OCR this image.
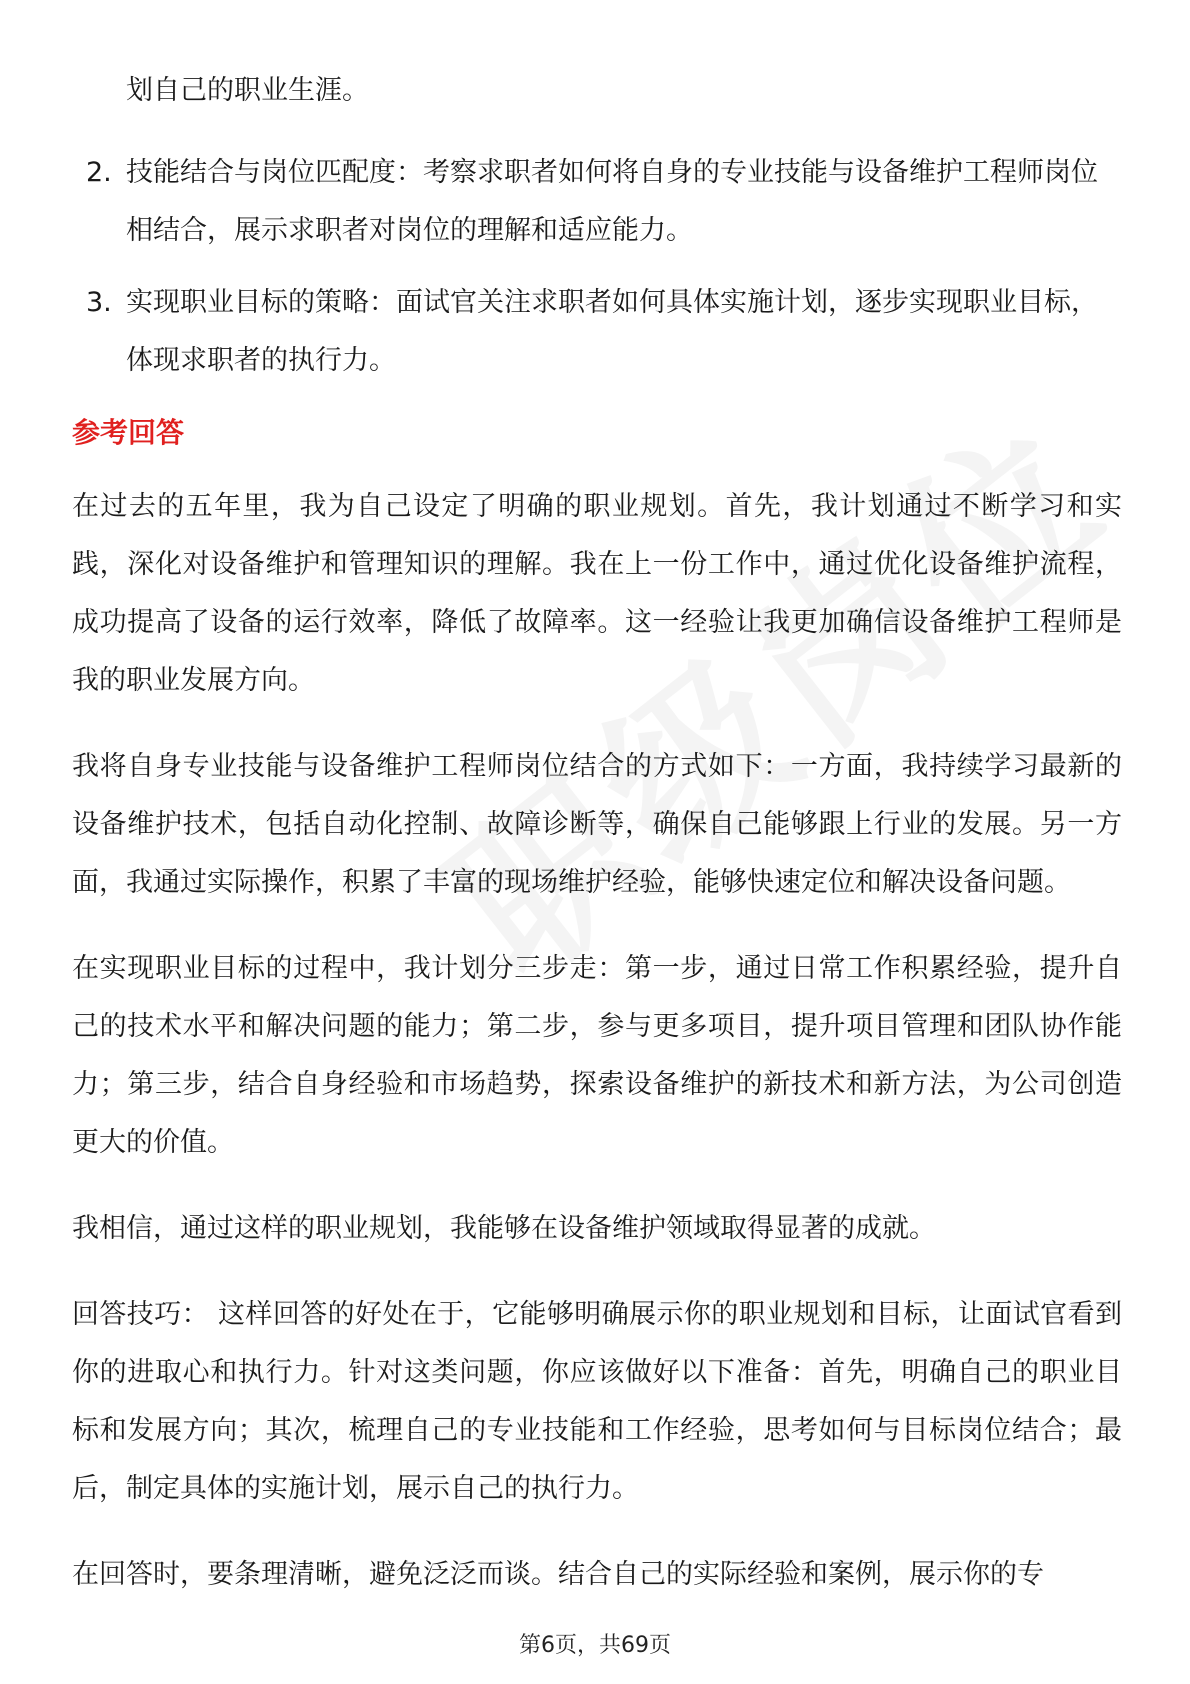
划自己的职业生涯。

2. 技能结合与岗位匹配度：考察求职者如何将自身的专业技能与设备维护工程师岗位相结合，展示求职者对岗位的理解和适应能力。
3. 实现职业目标的策略：面试官关注求职者如何具体实施计划，逐步实现职业目标，体现求职者的执行力。
参考回答

在过去的五年里，我为自己设定了明确的职业规划。首先，我计划通过不断学习和实践，深化对设备维护和管理知识的理解。我在上一份工作中，通过优化设备维护流程，成功提高了设备的运行效率，降低了故障率。这一经验让我更加确信设备维护工程师是我的职业发展方向。

我将自身专业技能与设备维护工程师岗位结合的方式如下：一方面，我持续学习最新的设备维护技术，包括自动化控制、故障诊断等，确保自己能够跟上行业的发展。另一方面，我通过实际操作，积累了丰富的现场维护经验，能够快速定位和解决设备问题。

在实现职业目标的过程中，我计划分三步走：第一步，通过日常工作积累经验，提升自己的技术水平和解决问题的能力；第二步，参与更多项目，提升项目管理和团队协作能力；第三步，结合自身经验和市场趋势，探索设备维护的新技术和新方法，为公司创造更大的价值。

我相信，通过这样的职业规划，我能够在设备维护领域取得显著的成就。

回答技巧： 这样回答的好处在于，它能够明确展示你的职业规划和目标，让面试官看到你的进取心和执行力。针对这类问题，你应该做好以下准备：首先，明确自己的职业目标和发展方向；其次，梳理自己的专业技能和工作经验，思考如何与目标岗位结合；最后，制定具体的实施计划，展示自己的执行力。

在回答时，要条理清晰，避免泛泛而谈。结合自己的实际经验和案例，展示你的专

第6页，共69页
